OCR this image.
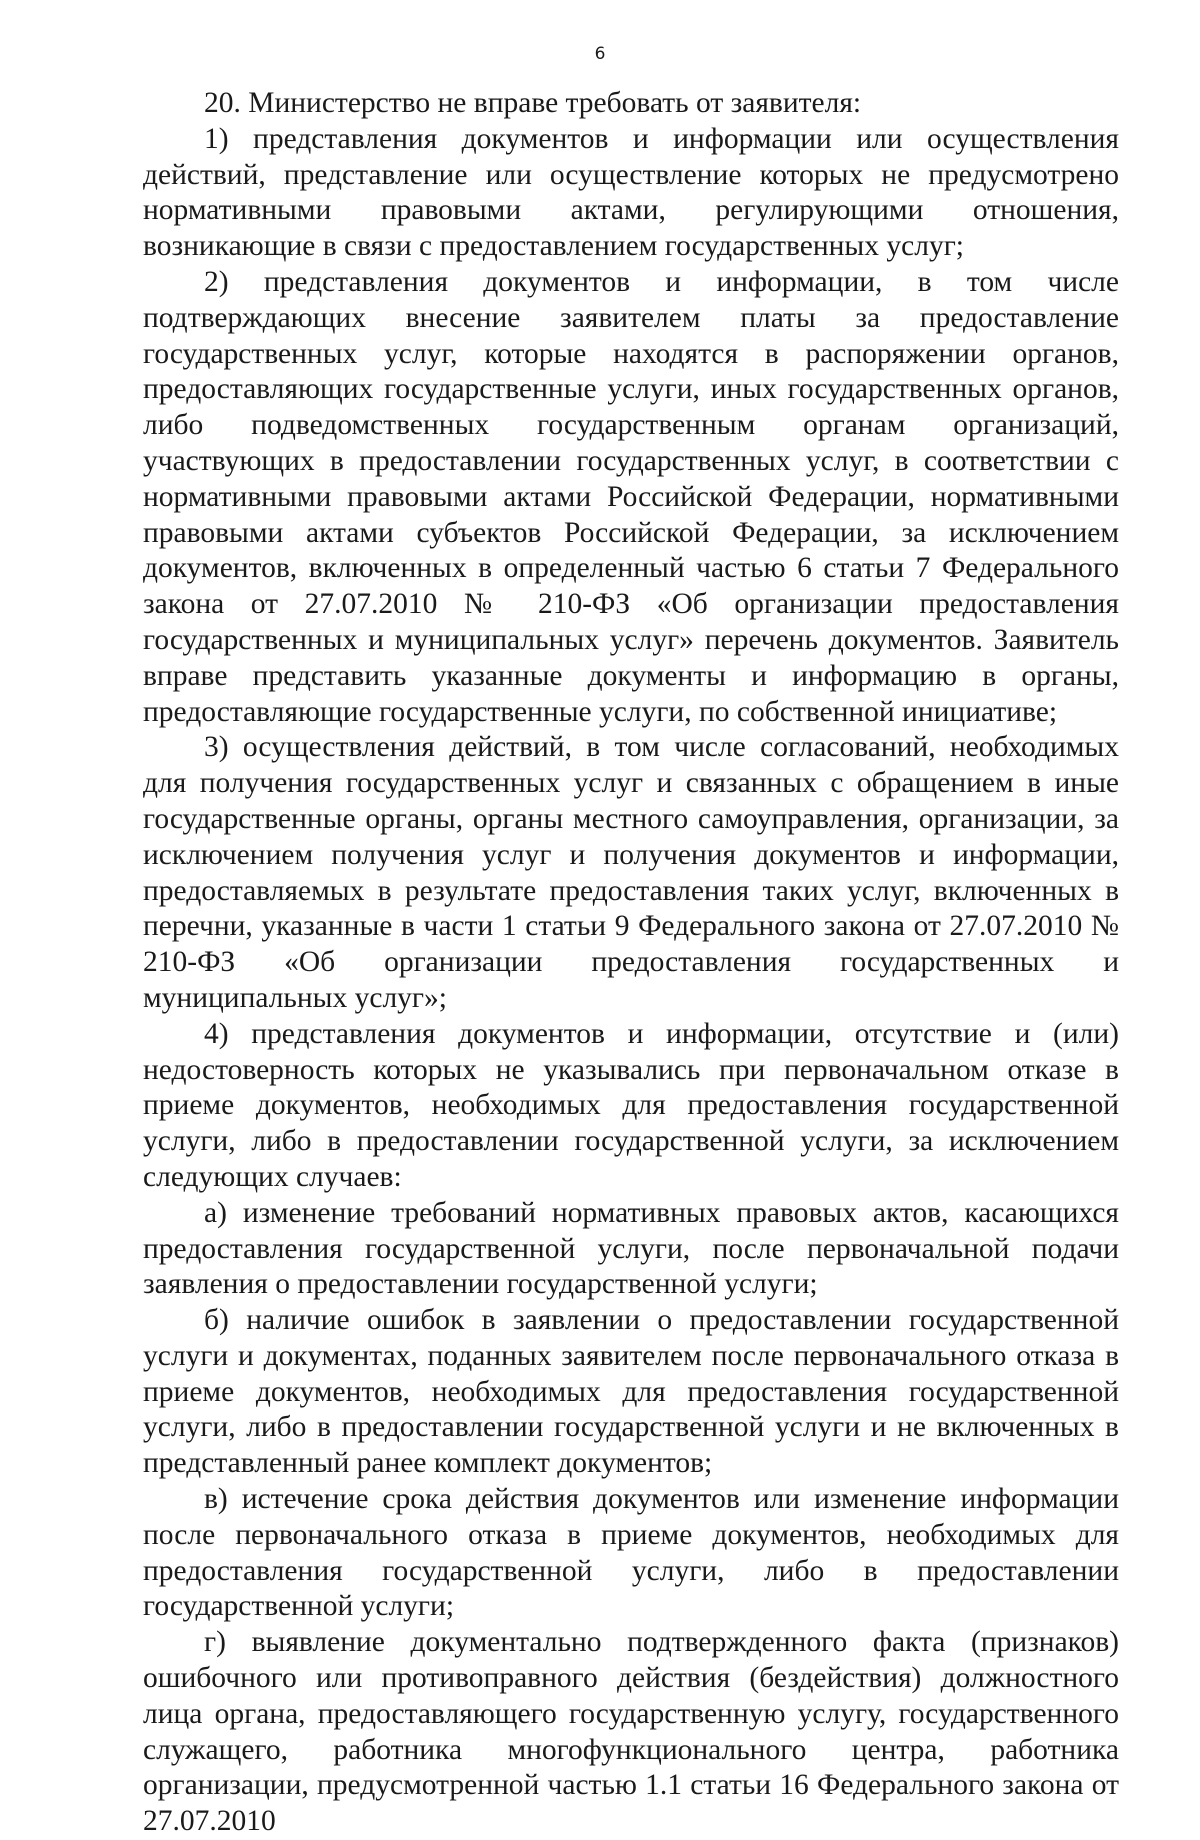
6

20. Министерство не вправе требовать от заявителя:

1) представления документов и информации или осуществления действий, представление или осуществление которых не предусмотрено нормативными правовыми актами, регулирующими отношения, возникающие в связи с предоставлением государственных услуг;

2) представления документов и информации, в том числе подтверждающих внесение заявителем платы за предоставление государственных услуг, которые находятся в распоряжении органов, предоставляющих государственные услуги, иных государственных органов, либо подведомственных государственным органам организаций, участвующих в предоставлении государственных услуг, в соответствии с нормативными правовыми актами Российской Федерации, нормативными правовыми актами субъектов Российской Федерации, за исключением документов, включенных в определенный частью 6 статьи 7 Федерального закона от 27.07.2010 № 210-ФЗ «Об организации предоставления государственных и муниципальных услуг» перечень документов. Заявитель вправе представить указанные документы и информацию в органы, предоставляющие государственные услуги, по собственной инициативе;

3) осуществления действий, в том числе согласований, необходимых для получения государственных услуг и связанных с обращением в иные государственные органы, органы местного самоуправления, организации, за исключением получения услуг и получения документов и информации, предоставляемых в результате предоставления таких услуг, включенных в перечни, указанные в части 1 статьи 9 Федерального закона от 27.07.2010 № 210-ФЗ «Об организации предоставления государственных и муниципальных услуг»;

4) представления документов и информации, отсутствие и (или) недостоверность которых не указывались при первоначальном отказе в приеме документов, необходимых для предоставления государственной услуги, либо в предоставлении государственной услуги, за исключением следующих случаев:

а) изменение требований нормативных правовых актов, касающихся предоставления государственной услуги, после первоначальной подачи заявления о предоставлении государственной услуги;

б) наличие ошибок в заявлении о предоставлении государственной услуги и документах, поданных заявителем после первоначального отказа в приеме документов, необходимых для предоставления государственной услуги, либо в предоставлении государственной услуги и не включенных в представленный ранее комплект документов;

в) истечение срока действия документов или изменение информации после первоначального отказа в приеме документов, необходимых для предоставления государственной услуги, либо в предоставлении государственной услуги;

г) выявление документально подтвержденного факта (признаков) ошибочного или противоправного действия (бездействия) должностного лица органа, предоставляющего государственную услугу, государственного служащего, работника многофункционального центра, работника организации, предусмотренной частью 1.1 статьи 16 Федерального закона от 27.07.2010
